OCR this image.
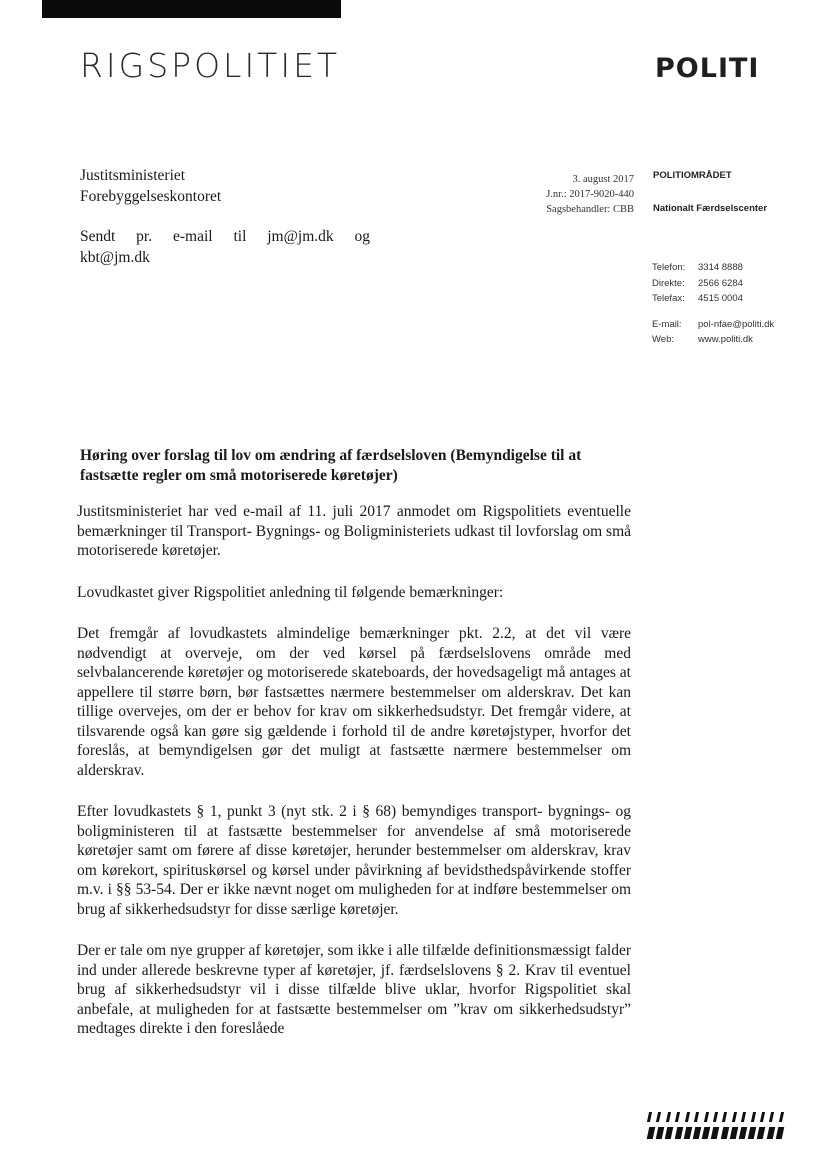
RIGSPOLITIET	POLITI
Justitsministeriet
Forebyggelseskontoret
Sendt pr. e-mail til jm@jm.dk og
kbt@jm.dk
3. august 2017
J.nr.: 2017-9020-440
Sagsbehandler: CBB
POLITIOMRÅDET
Nationalt Færdselscenter
Telefon:	3314 8888
Direkte:	2566 6284
Telefax:	4515 0004
E-mail:	pol-nfae@politi.dk
Web:	www.politi.dk
Høring over forslag til lov om ændring af færdselsloven (Bemyndigelse til at fastsætte regler om små motoriserede køretøjer)

Justitsministeriet har ved e-mail af 11. juli 2017 anmodet om Rigspolitiets eventuelle bemærkninger til Transport- Bygnings- og Boligministeriets udkast til lovforslag om små motoriserede køretøjer.

Lovudkastet giver Rigspolitiet anledning til følgende bemærkninger:

Det fremgår af lovudkastets almindelige bemærkninger pkt. 2.2, at det vil være nødvendigt at overveje, om der ved kørsel på færdselslovens område med selvbalancerende køretøjer og motoriserede skateboards, der hovedsageligt må antages at appellere til større børn, bør fastsættes nærmere bestemmelser om alderskrav. Det kan tillige overvejes, om der er behov for krav om sikkerhedsudstyr. Det fremgår videre, at tilsvarende også kan gøre sig gældende i forhold til de andre køretøjstyper, hvorfor det foreslås, at bemyndigelsen gør det muligt at fastsætte nærmere bestemmelser om alderskrav.

Efter lovudkastets § 1, punkt 3 (nyt stk. 2 i § 68) bemyndiges transport- bygnings- og boligministeren til at fastsætte bestemmelser for anvendelse af små motoriserede køretøjer samt om førere af disse køretøjer, herunder bestemmelser om alderskrav, krav om kørekort, spirituskørsel og kørsel under påvirkning af bevidsthedspåvirkende stoffer m.v. i §§ 53-54. Der er ikke nævnt noget om muligheden for at indføre bestemmelser om brug af sikkerhedsudstyr for disse særlige køretøjer.

Der er tale om nye grupper af køretøjer, som ikke i alle tilfælde definitionsmæssigt falder ind under allerede beskrevne typer af køretøjer, jf. færdselslovens § 2. Krav til eventuel brug af sikkerhedsudstyr vil i disse tilfælde blive uklar, hvorfor Rigspolitiet skal anbefale, at muligheden for at fastsætte bestemmelser om ”krav om sikkerhedsudstyr” medtages direkte i den foreslåede
